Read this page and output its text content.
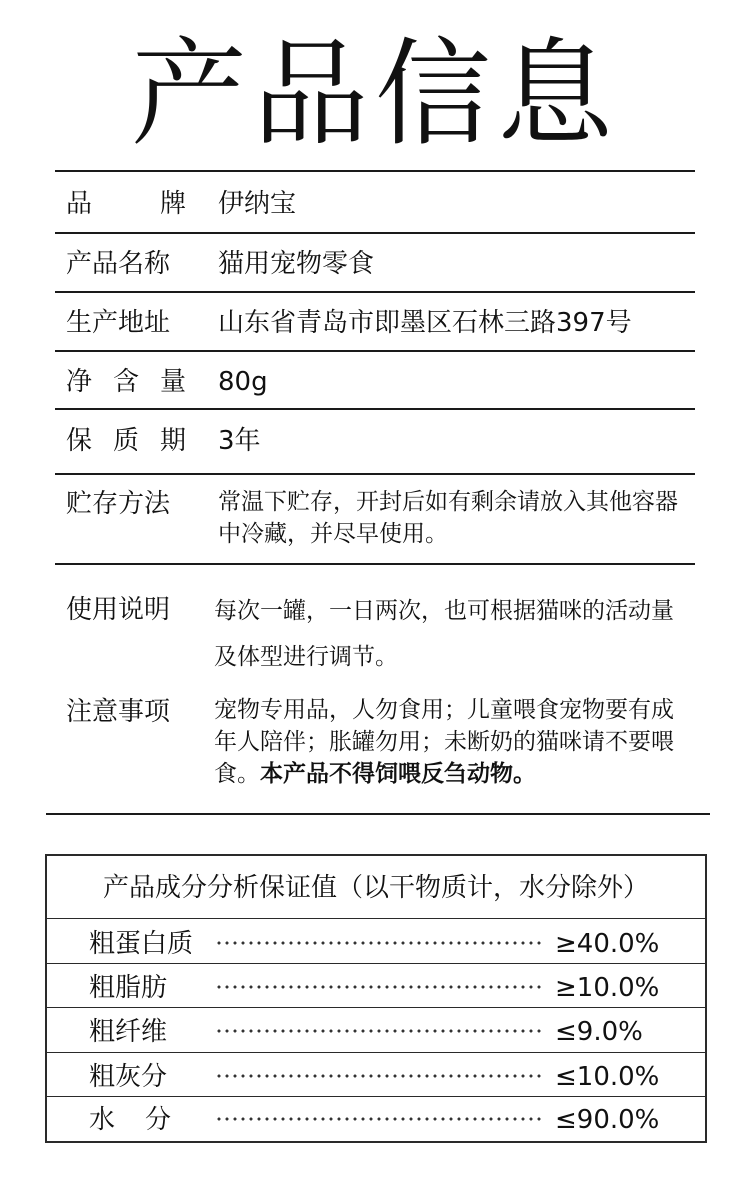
产品信息
品	牌 伊纳宝
产品名称 猫用宠物零食
生产地址 山东省青岛市即墨区石林三路397号
净 含 量 80g
保 质 期 3年
贮存方法 常温下贮存，开封后如有剩余请放入其他容器中冷藏，并尽早使用。
使用说明 每次一罐，一日两次，也可根据猫咪的活动量及体型进行调节。
注意事项 宠物专用品，人勿食用；儿童喂食宠物要有成年人陪伴；胀罐勿用；未断奶的猫咪请不要喂食。本产品不得饲喂反刍动物。
产品成分分析保证值（以干物质计，水分除外）
粗蛋白质	≥40.0%
粗脂肪	≥10.0%
粗纤维	≤9.0%
粗灰分	≤10.0%
水 分	≤90.0%
